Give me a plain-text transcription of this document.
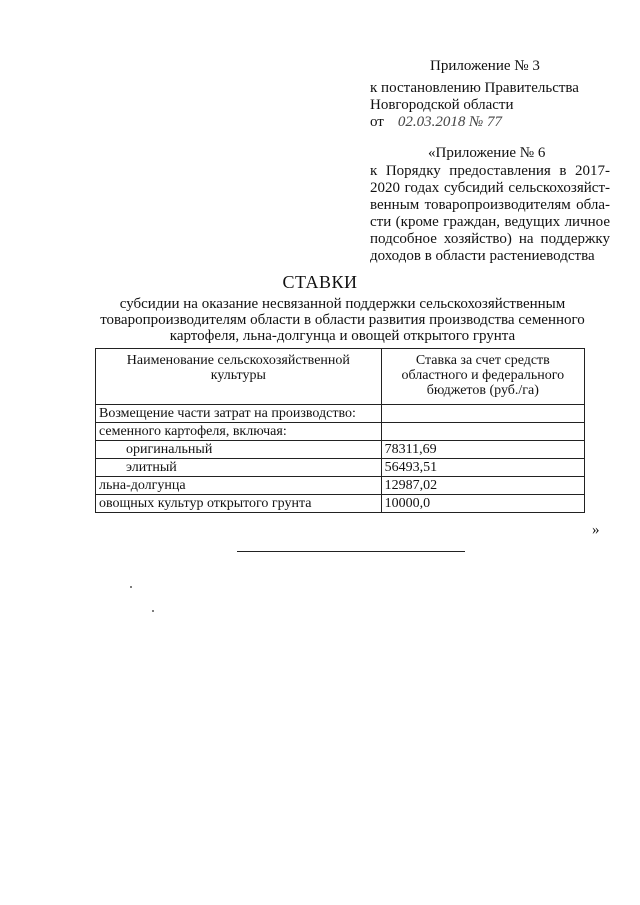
Приложение № 3
к постановлению Правительства
Новгородской области
от 02.03.2018 № 77
«Приложение № 6
к Порядку предоставления в 2017-2020 годах субсидий сельскохозяйст-венным товаропроизводителям обла-сти (кроме граждан, ведущих личное подсобное хозяйство) на поддержку доходов в области растениеводства
СТАВКИ
субсидии на оказание несвязанной поддержки сельскохозяйственным товаропроизводителям области в области развития производства семенного картофеля, льна-долгунца и овощей открытого грунта
Наименование сельскохозяйственной культуры	Ставка за счет средств областного и федерального бюджетов (руб./га)
Возмещение части затрат на производство:	
семенного картофеля, включая:	
оригинальный	78311,69
элитный	56493,51
льна-долгунца	12987,02
овощных культур открытого грунта	10000,0
»
